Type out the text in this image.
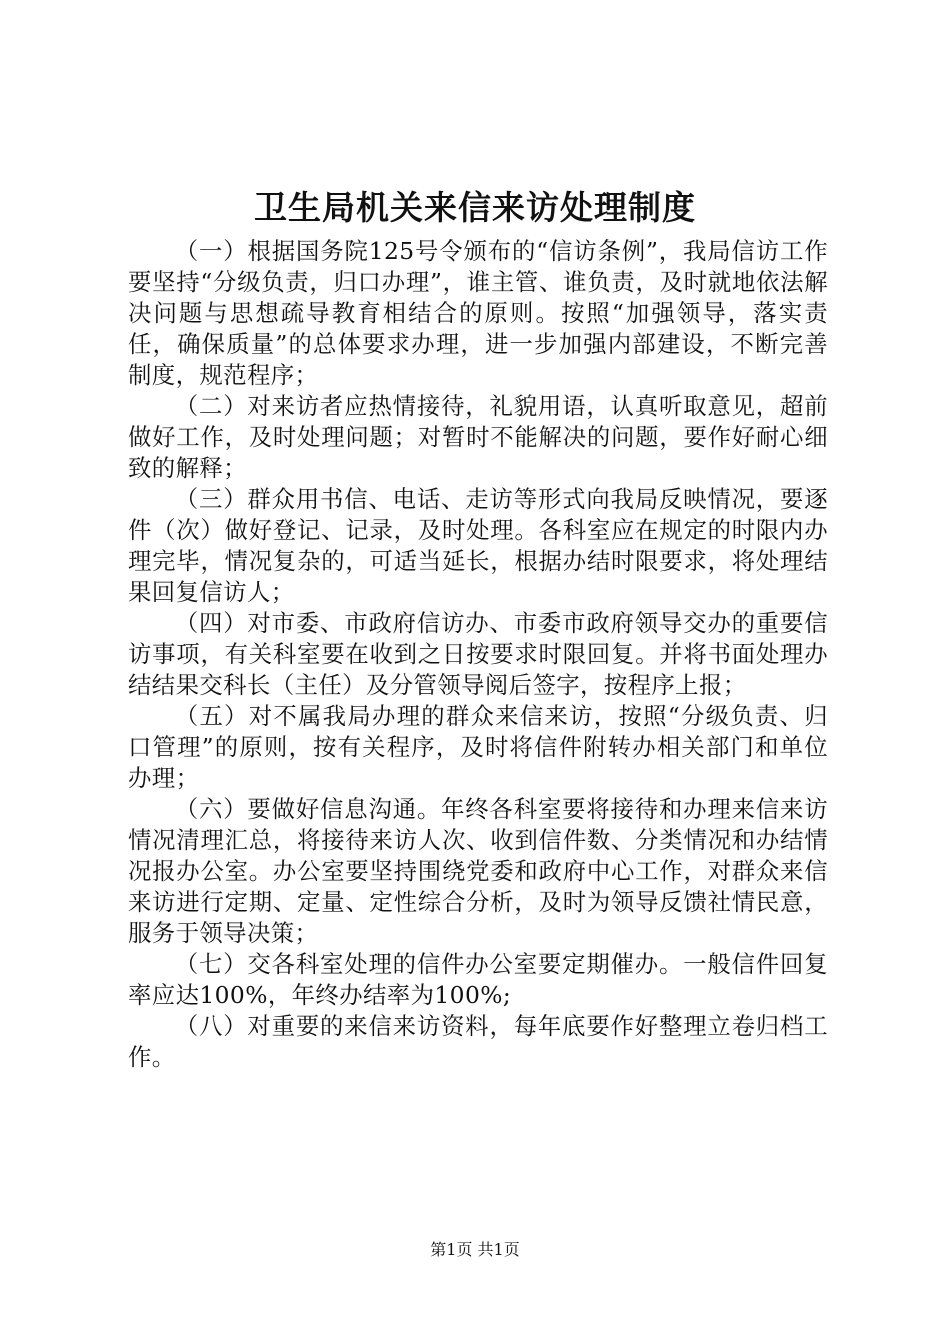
卫生局机关来信来访处理制度

（一）根据国务院125号令颁布的“信访条例”，我局信访工作要坚持“分级负责，归口办理”，谁主管、谁负责，及时就地依法解决问题与思想疏导教育相结合的原则。按照“加强领导，落实责任，确保质量”的总体要求办理，进一步加强内部建设，不断完善制度，规范程序；

（二）对来访者应热情接待，礼貌用语，认真听取意见，超前做好工作，及时处理问题；对暂时不能解决的问题，要作好耐心细致的解释；

（三）群众用书信、电话、走访等形式向我局反映情况，要逐件（次）做好登记、记录，及时处理。各科室应在规定的时限内办理完毕，情况复杂的，可适当延长，根据办结时限要求，将处理结果回复信访人；

（四）对市委、市政府信访办、市委市政府领导交办的重要信访事项，有关科室要在收到之日按要求时限回复。并将书面处理办结结果交科长（主任）及分管领导阅后签字，按程序上报；

（五）对不属我局办理的群众来信来访，按照“分级负责、归口管理”的原则，按有关程序，及时将信件附转办相关部门和单位办理；

（六）要做好信息沟通。年终各科室要将接待和办理来信来访情况清理汇总，将接待来访人次、收到信件数、分类情况和办结情况报办公室。办公室要坚持围绕党委和政府中心工作，对群众来信来访进行定期、定量、定性综合分析，及时为领导反馈社情民意，服务于领导决策；

（七）交各科室处理的信件办公室要定期催办。一般信件回复率应达100%，年终办结率为100%;

（八）对重要的来信来访资料，每年底要作好整理立卷归档工作。

第1页 共1页
